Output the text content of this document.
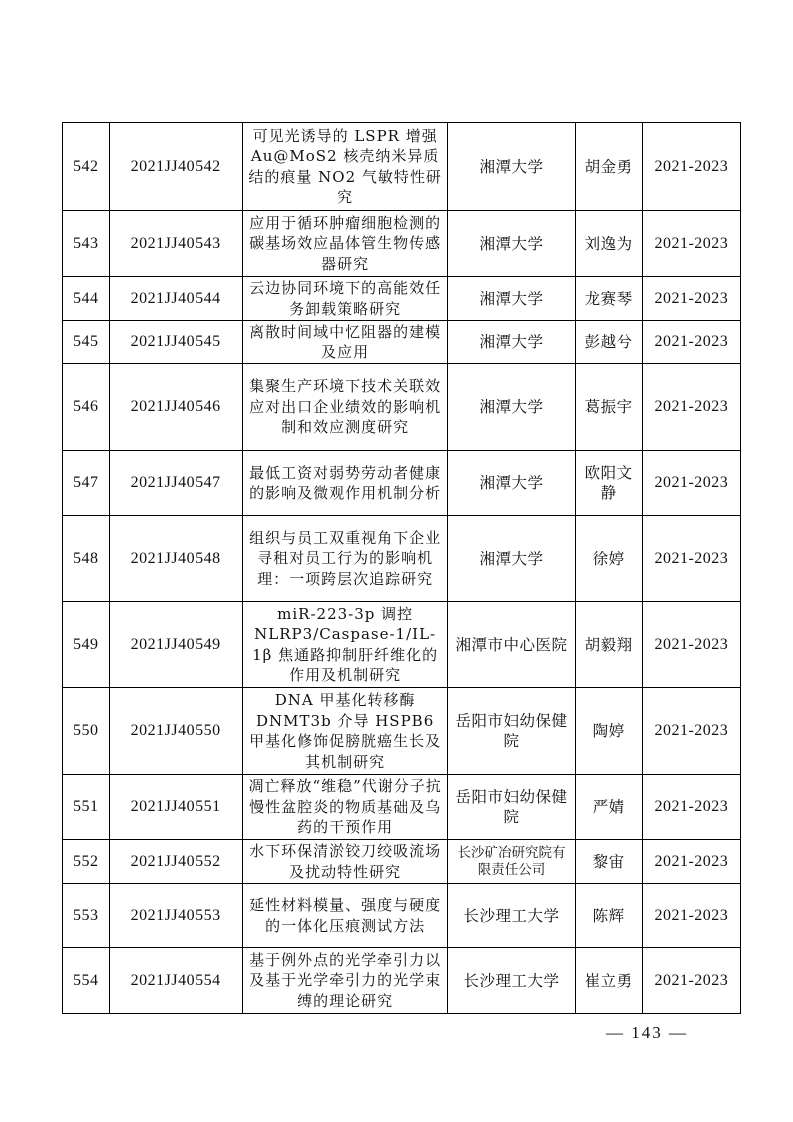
542	2021JJ40542	可见光诱导的 LSPR 增强 Au@MoS2 核壳纳米异质结的痕量 NO2 气敏特性研究	湘潭大学	胡金勇	2021-2023
543	2021JJ40543	应用于循环肿瘤细胞检测的碳基场效应晶体管生物传感器研究	湘潭大学	刘逸为	2021-2023
544	2021JJ40544	云边协同环境下的高能效任务卸载策略研究	湘潭大学	龙赛琴	2021-2023
545	2021JJ40545	离散时间域中忆阻器的建模及应用	湘潭大学	彭越兮	2021-2023
546	2021JJ40546	集聚生产环境下技术关联效应对出口企业绩效的影响机制和效应测度研究	湘潭大学	葛振宇	2021-2023
547	2021JJ40547	最低工资对弱势劳动者健康的影响及微观作用机制分析	湘潭大学	欧阳文静	2021-2023
548	2021JJ40548	组织与员工双重视角下企业寻租对员工行为的影响机理：一项跨层次追踪研究	湘潭大学	徐婷	2021-2023
549	2021JJ40549	miR-223-3p 调控 NLRP3/Caspase-1/IL-1β 焦通路抑制肝纤维化的作用及机制研究	湘潭市中心医院	胡毅翔	2021-2023
550	2021JJ40550	DNA 甲基化转移酶 DNMT3b 介导 HSPB6 甲基化修饰促膀胱癌生长及其机制研究	岳阳市妇幼保健院	陶婷	2021-2023
551	2021JJ40551	凋亡释放“维稳”代谢分子抗慢性盆腔炎的物质基础及乌药的干预作用	岳阳市妇幼保健院	严婧	2021-2023
552	2021JJ40552	水下环保清淤铰刀绞吸流场及扰动特性研究	长沙矿冶研究院有限责任公司	黎宙	2021-2023
553	2021JJ40553	延性材料模量、强度与硬度的一体化压痕测试方法	长沙理工大学	陈辉	2021-2023
554	2021JJ40554	基于例外点的光学牵引力以及基于光学牵引力的光学束缚的理论研究	长沙理工大学	崔立勇	2021-2023
— 143 —
